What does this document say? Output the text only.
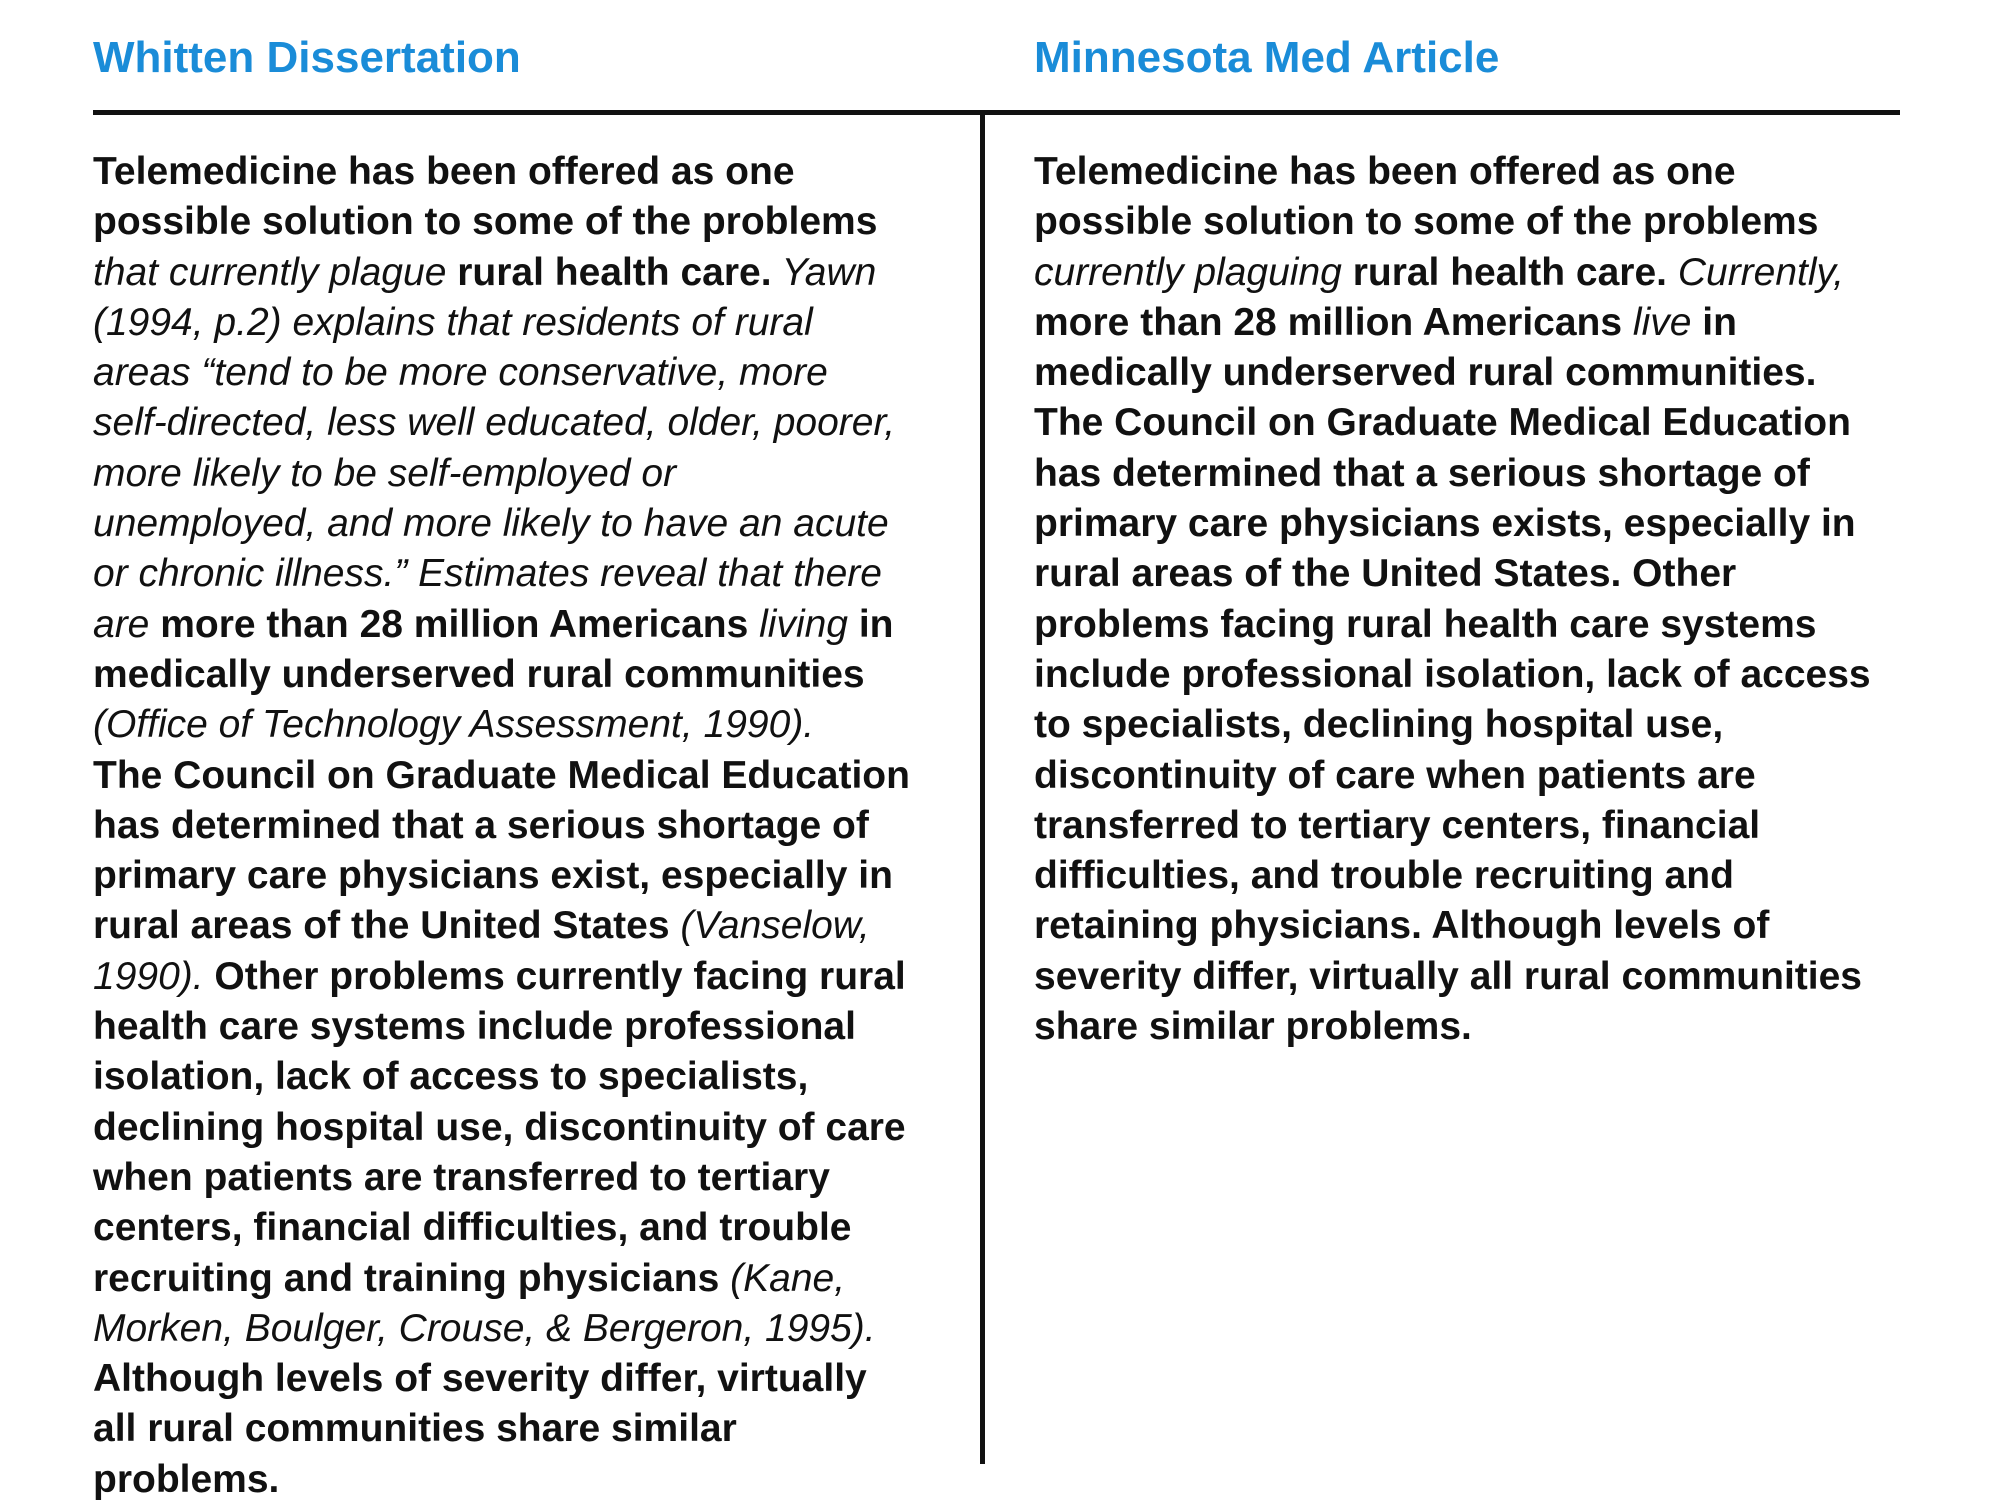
Whitten Dissertation	Minnesota Med Article
Telemedicine has been offered as one
possible solution to some of the problems
that currently plague rural health care. Yawn
(1994, p.2) explains that residents of rural
areas “tend to be more conservative, more
self-directed, less well educated, older, poorer,
more likely to be self-employed or
unemployed, and more likely to have an acute
or chronic illness.” Estimates reveal that there
are more than 28 million Americans living in
medically underserved rural communities
(Office of Technology Assessment, 1990).
The Council on Graduate Medical Education
has determined that a serious shortage of
primary care physicians exist, especially in
rural areas of the United States (Vanselow,
1990). Other problems currently facing rural
health care systems include professional
isolation, lack of access to specialists,
declining hospital use, discontinuity of care
when patients are transferred to tertiary
centers, financial difficulties, and trouble
recruiting and training physicians (Kane,
Morken, Boulger, Crouse, & Bergeron, 1995).
Although levels of severity differ, virtually
all rural communities share similar
problems.
Telemedicine has been offered as one
possible solution to some of the problems
currently plaguing rural health care. Currently,
more than 28 million Americans live in
medically underserved rural communities.
The Council on Graduate Medical Education
has determined that a serious shortage of
primary care physicians exists, especially in
rural areas of the United States. Other
problems facing rural health care systems
include professional isolation, lack of access
to specialists, declining hospital use,
discontinuity of care when patients are
transferred to tertiary centers, financial
difficulties, and trouble recruiting and
retaining physicians. Although levels of
severity differ, virtually all rural communities
share similar problems.
